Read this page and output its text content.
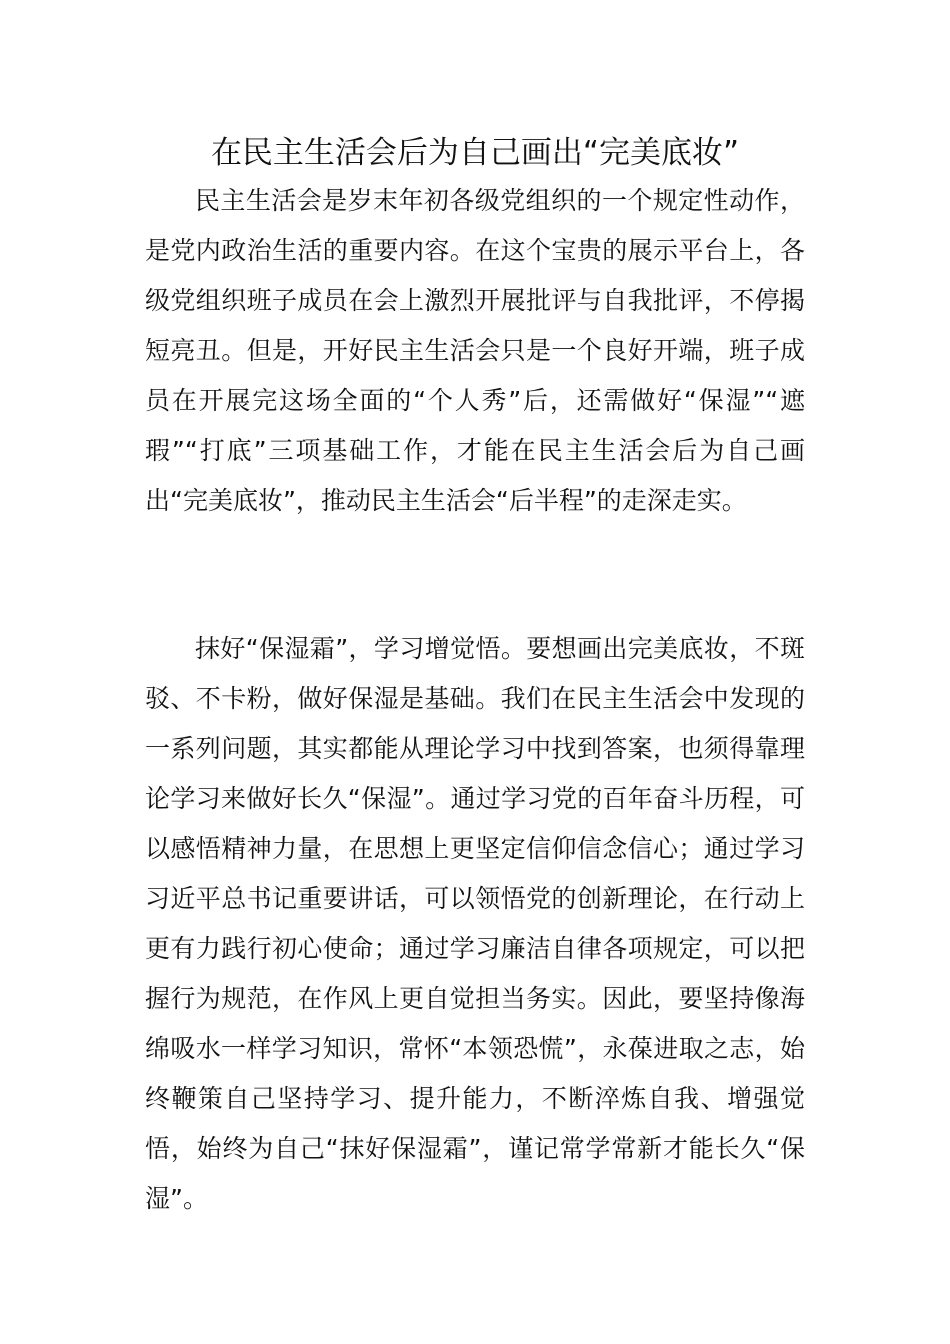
在民主生活会后为自己画出“完美底妆”

民主生活会是岁末年初各级党组织的一个规定性动作，是党内政治生活的重要内容。在这个宝贵的展示平台上，各级党组织班子成员在会上激烈开展批评与自我批评，不停揭短亮丑。但是，开好民主生活会只是一个良好开端，班子成员在开展完这场全面的“个人秀”后，还需做好“保湿”“遮瑕”“打底”三项基础工作，才能在民主生活会后为自己画出“完美底妆”，推动民主生活会“后半程”的走深走实。

抹好“保湿霜”，学习增觉悟。要想画出完美底妆，不斑驳、不卡粉，做好保湿是基础。我们在民主生活会中发现的一系列问题，其实都能从理论学习中找到答案，也须得靠理论学习来做好长久“保湿”。通过学习党的百年奋斗历程，可以感悟精神力量，在思想上更坚定信仰信念信心；通过学习习近平总书记重要讲话，可以领悟党的创新理论，在行动上更有力践行初心使命；通过学习廉洁自律各项规定，可以把握行为规范，在作风上更自觉担当务实。因此，要坚持像海绵吸水一样学习知识，常怀“本领恐慌”，永葆进取之志，始终鞭策自己坚持学习、提升能力，不断淬炼自我、增强觉悟，始终为自己“抹好保湿霜”，谨记常学常新才能长久“保湿”。
